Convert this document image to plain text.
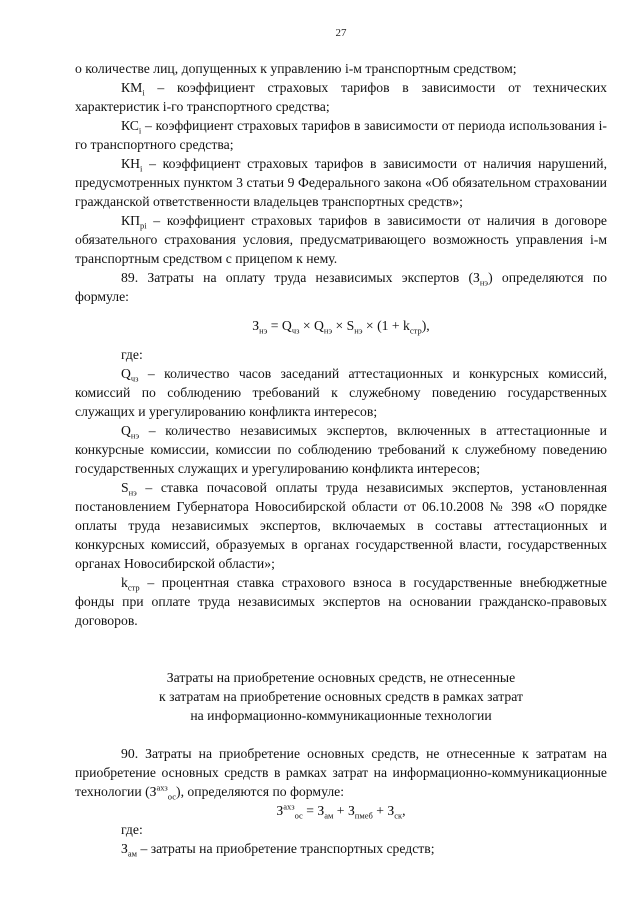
27

о количестве лиц, допущенных к управлению i-м транспортным средством;

$КМ_i$ – коэффициент страховых тарифов в зависимости от технических характеристик i-го транспортного средства;

$КС_i$ – коэффициент страховых тарифов в зависимости от периода использования i-го транспортного средства;

$КН_i$ – коэффициент страховых тарифов в зависимости от наличия нарушений, предусмотренных пунктом 3 статьи 9 Федерального закона «Об обязательном страховании гражданской ответственности владельцев транспортных средств»;

$КП_{pi}$ – коэффициент страховых тарифов в зависимости от наличия в договоре обязательного страхования условия, предусматривающего возможность управления i-м транспортным средством с прицепом к нему.

89. Затраты на оплату труда независимых экспертов $(З_{нэ})$ определяются по формуле:

$З_{нэ} = Q_{чз} \times Q_{нэ} \times S_{нэ} \times (1 + k_{стр})$,

где:

$Q_{чз}$ – количество часов заседаний аттестационных и конкурсных комиссий, комиссий по соблюдению требований к служебному поведению государственных служащих и урегулированию конфликта интересов;

$Q_{нэ}$ – количество независимых экспертов, включенных в аттестационные и конкурсные комиссии, комиссии по соблюдению требований к служебному поведению государственных служащих и урегулированию конфликта интересов;

$S_{нэ}$ – ставка почасовой оплаты труда независимых экспертов, установленная постановлением Губернатора Новосибирской области от 06.10.2008 № 398 «О порядке оплаты труда независимых экспертов, включаемых в составы аттестационных и конкурсных комиссий, образуемых в органах государственной власти, государственных органах Новосибирской области»;

$k_{стр}$ – процентная ставка страхового взноса в государственные внебюджетные фонды при оплате труда независимых экспертов на основании гражданско-правовых договоров.

Затраты на приобретение основных средств, не отнесенные

к затратам на приобретение основных средств в рамках затрат

на информационно-коммуникационные технологии

90. Затраты на приобретение основных средств, не отнесенные к затратам на приобретение основных средств в рамках затрат на информационно-коммуникационные технологии $(З^{ахз}_{ос})$, определяются по формуле:

$З^{ахз}_{ос} = З_{ам} + З_{пмеб} + З_{ск}$,

где:

$З_{ам}$ – затраты на приобретение транспортных средств;
